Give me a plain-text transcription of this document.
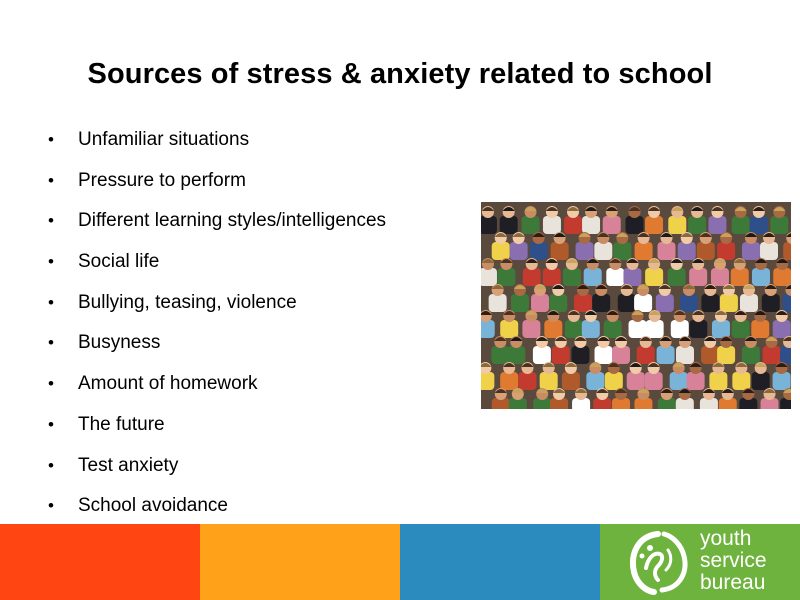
Sources of stress & anxiety related to school
•	Unfamiliar situations
•	Pressure to perform
•	Different learning styles/intelligences
•	Social life
•	Bullying, teasing, violence
•	Busyness
•	Amount of homework
•	The future
•	Test anxiety
•	School avoidance
youth
service
bureau
